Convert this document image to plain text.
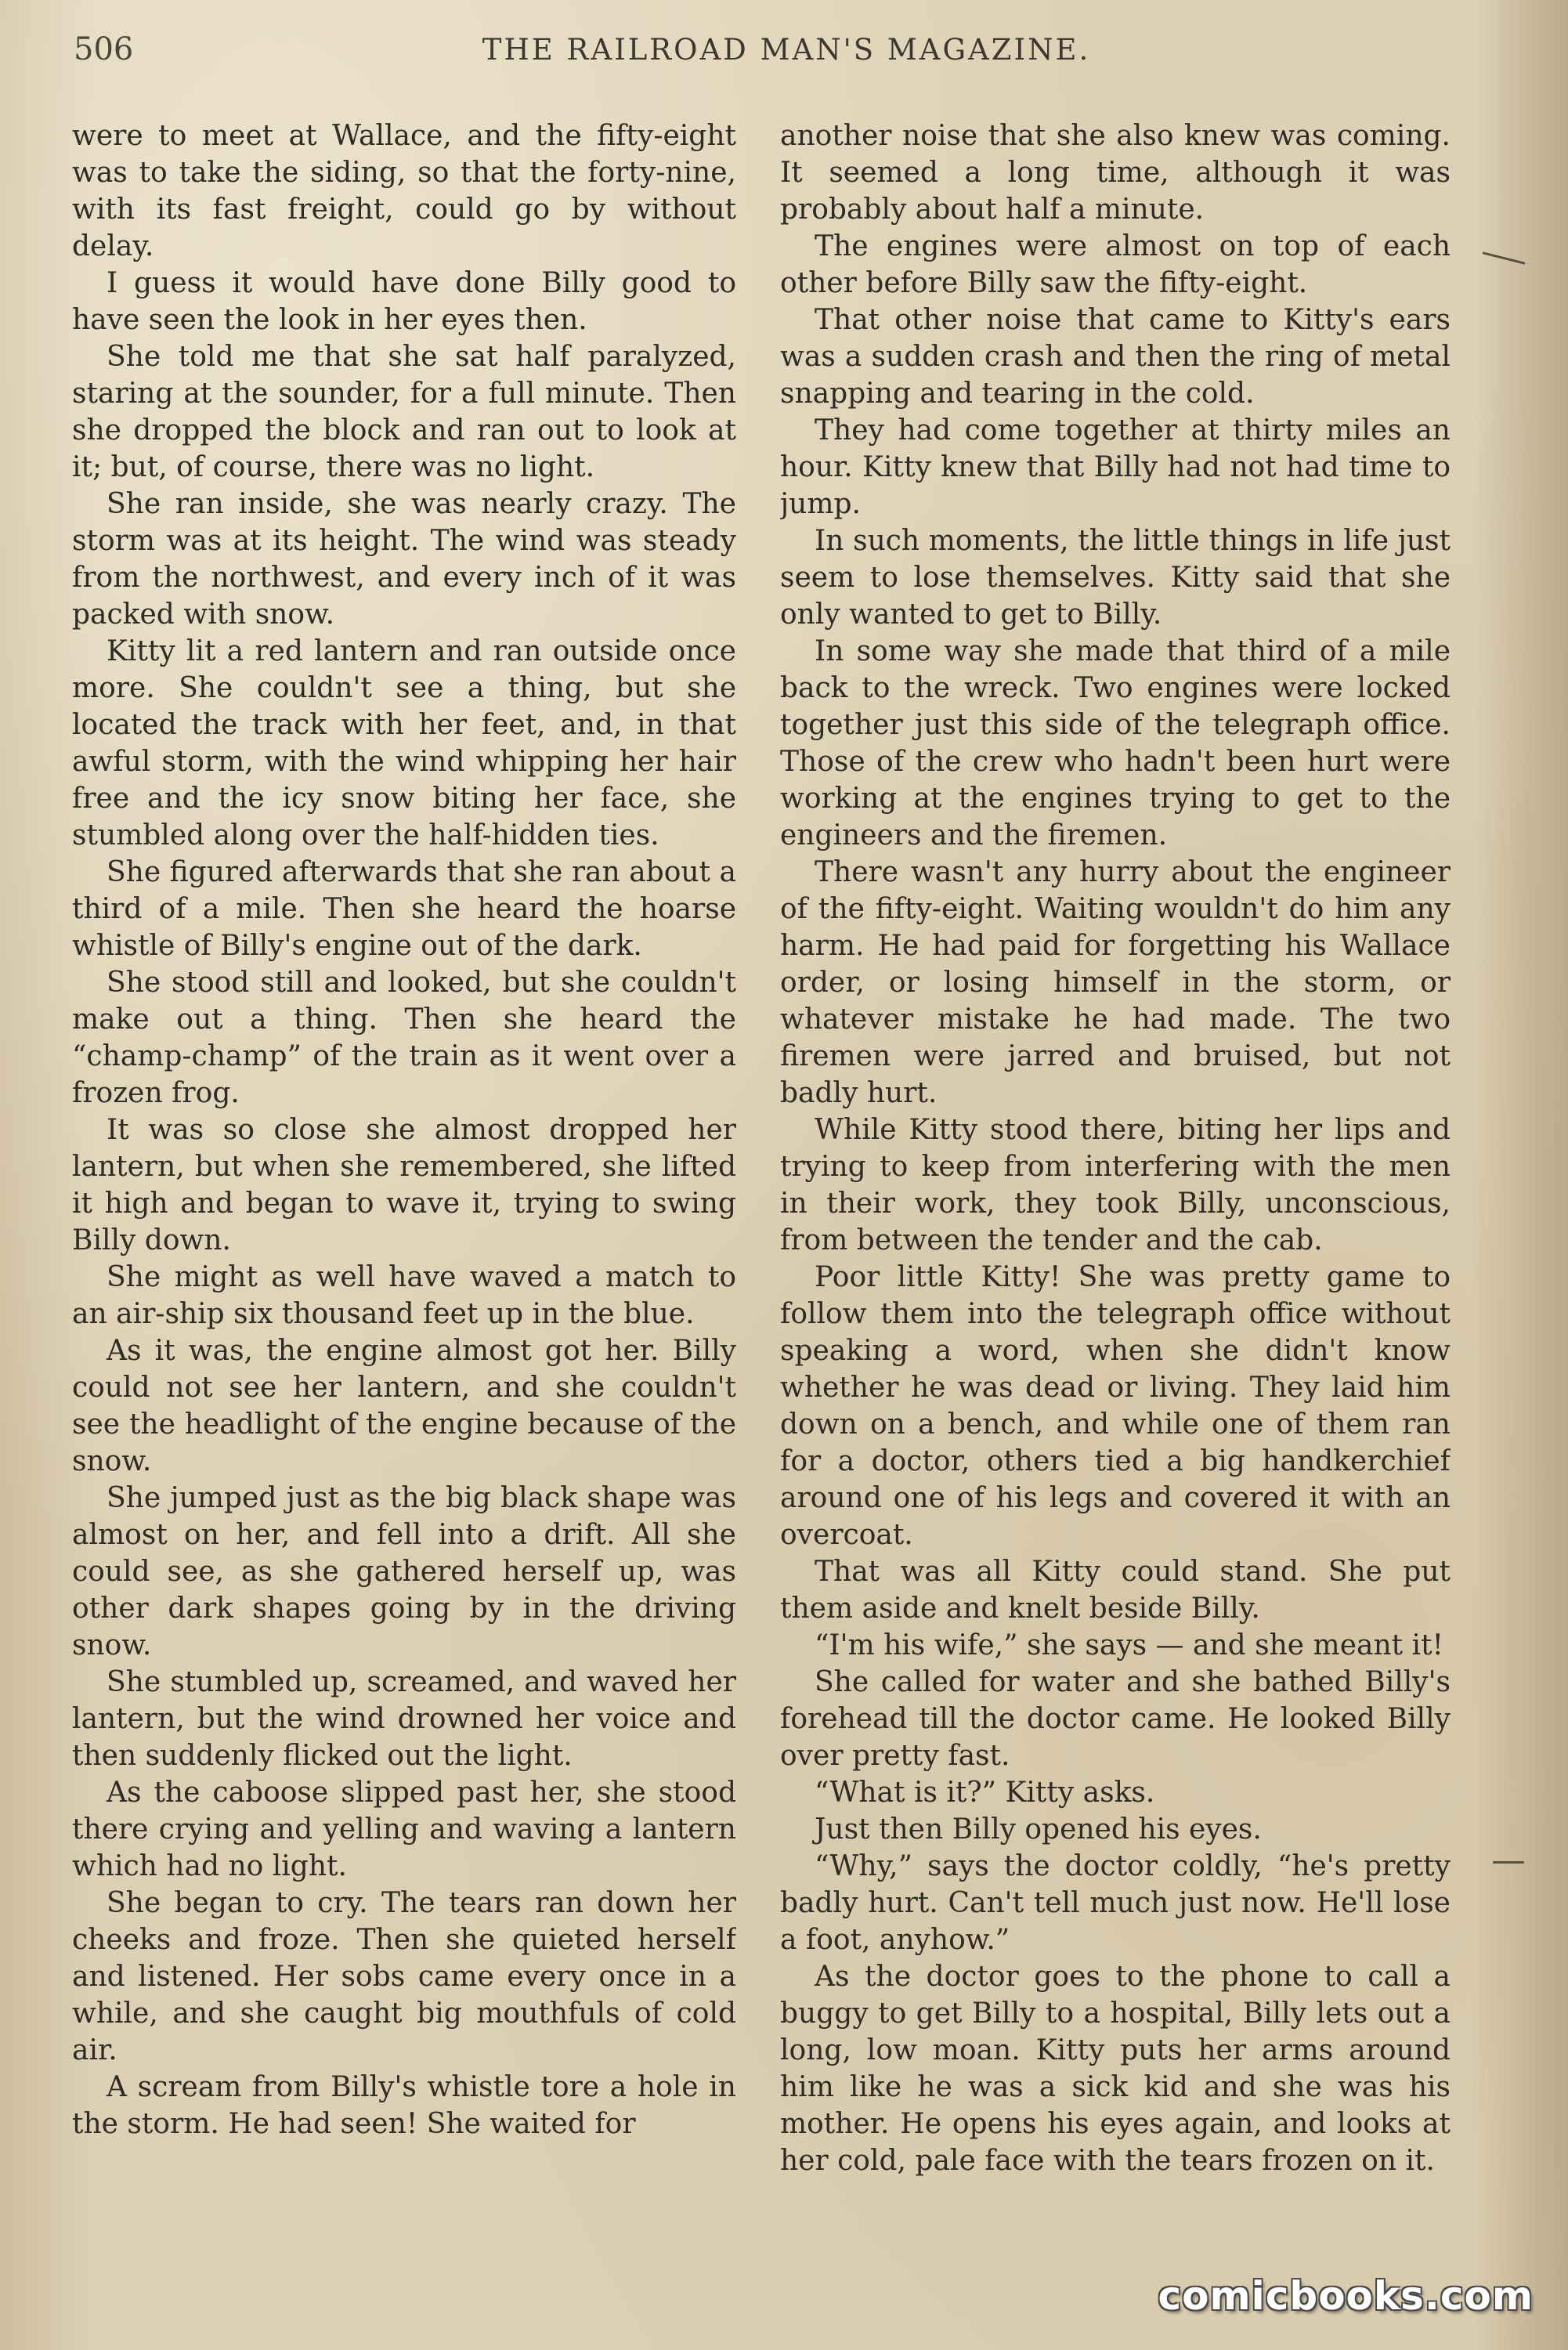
506	THE RAILROAD MAN'S MAGAZINE.

were to meet at Wallace, and the fifty-eight was to take the siding, so that the forty-nine, with its fast freight, could go by without delay.

I guess it would have done Billy good to have seen the look in her eyes then.

She told me that she sat half paralyzed, staring at the sounder, for a full minute. Then she dropped the block and ran out to look at it; but, of course, there was no light.

She ran inside, she was nearly crazy. The storm was at its height. The wind was steady from the northwest, and every inch of it was packed with snow.

Kitty lit a red lantern and ran outside once more. She couldn't see a thing, but she located the track with her feet, and, in that awful storm, with the wind whipping her hair free and the icy snow biting her face, she stumbled along over the half-hidden ties.

She figured afterwards that she ran about a third of a mile. Then she heard the hoarse whistle of Billy's engine out of the dark.

She stood still and looked, but she couldn't make out a thing. Then she heard the “champ-champ” of the train as it went over a frozen frog.

It was so close she almost dropped her lantern, but when she remembered, she lifted it high and began to wave it, trying to swing Billy down.

She might as well have waved a match to an air-ship six thousand feet up in the blue.

As it was, the engine almost got her. Billy could not see her lantern, and she couldn't see the headlight of the engine because of the snow.

She jumped just as the big black shape was almost on her, and fell into a drift. All she could see, as she gathered herself up, was other dark shapes going by in the driving snow.

She stumbled up, screamed, and waved her lantern, but the wind drowned her voice and then suddenly flicked out the light.

As the caboose slipped past her, she stood there crying and yelling and waving a lantern which had no light.

She began to cry. The tears ran down her cheeks and froze. Then she quieted herself and listened. Her sobs came every once in a while, and she caught big mouthfuls of cold air.

A scream from Billy's whistle tore a hole in the storm. He had seen! She waited for

another noise that she also knew was coming. It seemed a long time, although it was probably about half a minute.

The engines were almost on top of each other before Billy saw the fifty-eight.

That other noise that came to Kitty's ears was a sudden crash and then the ring of metal snapping and tearing in the cold.

They had come together at thirty miles an hour. Kitty knew that Billy had not had time to jump.

In such moments, the little things in life just seem to lose themselves. Kitty said that she only wanted to get to Billy.

In some way she made that third of a mile back to the wreck. Two engines were locked together just this side of the telegraph office. Those of the crew who hadn't been hurt were working at the engines trying to get to the engineers and the firemen.

There wasn't any hurry about the engineer of the fifty-eight. Waiting wouldn't do him any harm. He had paid for forgetting his Wallace order, or losing himself in the storm, or whatever mistake he had made. The two firemen were jarred and bruised, but not badly hurt.

While Kitty stood there, biting her lips and trying to keep from interfering with the men in their work, they took Billy, unconscious, from between the tender and the cab.

Poor little Kitty! She was pretty game to follow them into the telegraph office without speaking a word, when she didn't know whether he was dead or living. They laid him down on a bench, and while one of them ran for a doctor, others tied a big handkerchief around one of his legs and covered it with an overcoat.

That was all Kitty could stand. She put them aside and knelt beside Billy.

“I'm his wife,” she says — and she meant it!

She called for water and she bathed Billy's forehead till the doctor came. He looked Billy over pretty fast.

“What is it?” Kitty asks.

Just then Billy opened his eyes.

“Why,” says the doctor coldly, “he's pretty badly hurt. Can't tell much just now. He'll lose a foot, anyhow.”

As the doctor goes to the phone to call a buggy to get Billy to a hospital, Billy lets out a long, low moan. Kitty puts her arms around him like he was a sick kid and she was his mother. He opens his eyes again, and looks at her cold, pale face with the tears frozen on it.

comicbooks.com
